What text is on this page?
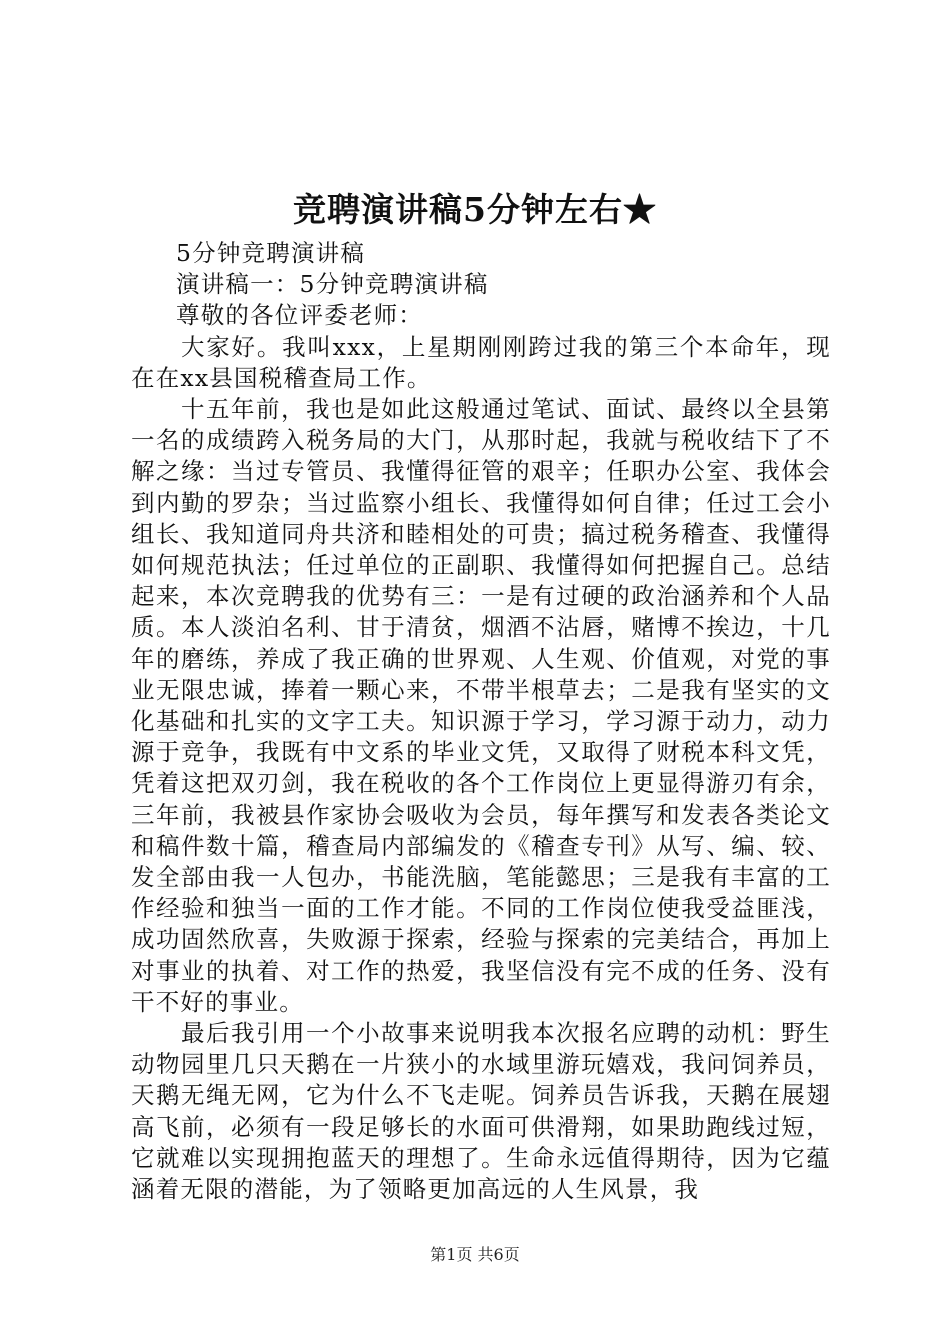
竞聘演讲稿5分钟左右★

5分钟竞聘演讲稿

演讲稿一：5分钟竞聘演讲稿

尊敬的各位评委老师：

大家好。我叫xxx，上星期刚刚跨过我的第三个本命年，现在在xx县国税稽查局工作。

十五年前，我也是如此这般通过笔试、面试、最终以全县第一名的成绩跨入税务局的大门，从那时起，我就与税收结下了不解之缘：当过专管员、我懂得征管的艰辛；任职办公室、我体会到内勤的罗杂；当过监察小组长、我懂得如何自律；任过工会小组长、我知道同舟共济和睦相处的可贵；搞过税务稽查、我懂得如何规范执法；任过单位的正副职、我懂得如何把握自己。总结起来，本次竞聘我的优势有三：一是有过硬的政治涵养和个人品质。本人淡泊名利、甘于清贫，烟酒不沾唇，赌博不挨边，十几年的磨练，养成了我正确的世界观、人生观、价值观，对党的事业无限忠诚，捧着一颗心来，不带半根草去；二是我有坚实的文化基础和扎实的文字工夫。知识源于学习，学习源于动力，动力源于竞争，我既有中文系的毕业文凭，又取得了财税本科文凭，凭着这把双刃剑，我在税收的各个工作岗位上更显得游刃有余，三年前，我被县作家协会吸收为会员，每年撰写和发表各类论文和稿件数十篇，稽查局内部编发的《稽查专刊》从写、编、较、发全部由我一人包办，书能洗脑，笔能懿思；三是我有丰富的工作经验和独当一面的工作才能。不同的工作岗位使我受益匪浅，成功固然欣喜，失败源于探索，经验与探索的完美结合，再加上对事业的执着、对工作的热爱，我坚信没有完不成的任务、没有干不好的事业。

最后我引用一个小故事来说明我本次报名应聘的动机：野生动物园里几只天鹅在一片狭小的水域里游玩嬉戏，我问饲养员，天鹅无绳无网，它为什么不飞走呢。饲养员告诉我，天鹅在展翅高飞前，必须有一段足够长的水面可供滑翔，如果助跑线过短，它就难以实现拥抱蓝天的理想了。生命永远值得期待，因为它蕴涵着无限的潜能，为了领略更加高远的人生风景，我

第1页 共6页
